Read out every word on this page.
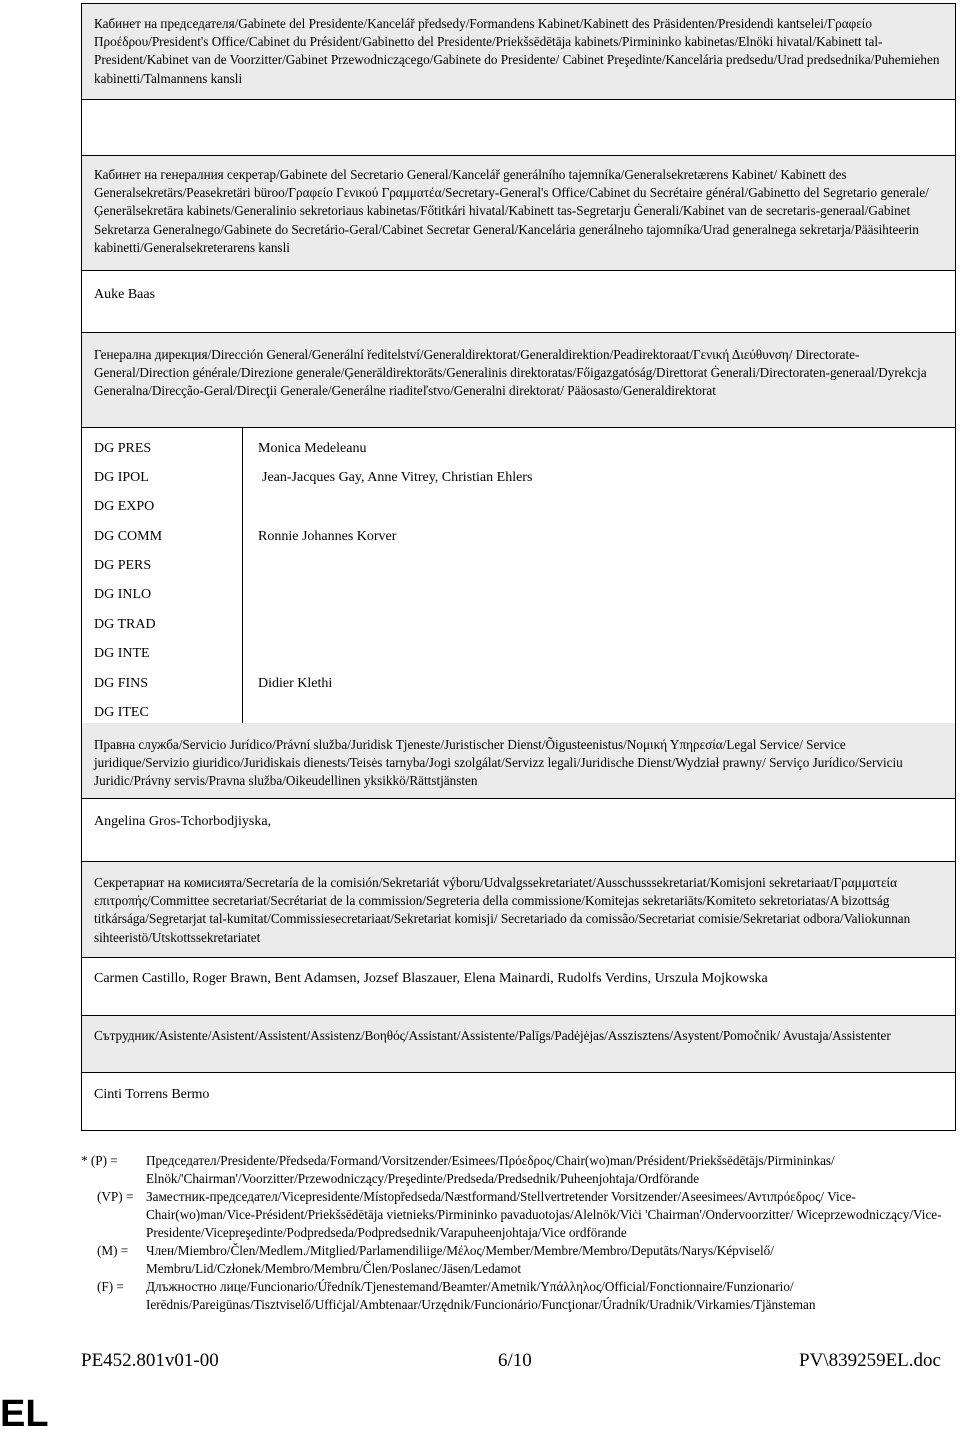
Кабинет на председателя/Gabinete del Presidente/Kancelář předsedy/Formandens Kabinet/Kabinett des Präsidenten/Presidendi kantselei/Γραφείο Προέδρου/President's Office/Cabinet du Président/Gabinetto del Presidente/Priekšsēdētāja kabinets/Pirmininko kabinetas/Elnöki hivatal/Kabinett tal-President/Kabinet van de Voorzitter/Gabinet Przewodniczącego/Gabinete do Presidente/ Cabinet Preşedinte/Kancelária predsedu/Urad predsednika/Puhemiehen kabinetti/Talmannens kansli
Кабинет на генералния секретар/Gabinete del Secretario General/Kancelář generálního tajemníka/Generalsekretærens Kabinet/ Kabinett des Generalsekretärs/Peasekretäri büroo/Γραφείο Γενικού Γραμματέα/Secretary-General's Office/Cabinet du Secrétaire général/Gabinetto del Segretario generale/Ģenerālsekretāra kabinets/Generalinio sekretoriaus kabinetas/Főtitkári hivatal/Kabinett tas-Segretarju Ġenerali/Kabinet van de secretaris-generaal/Gabinet Sekretarza Generalnego/Gabinete do Secretário-Geral/Cabinet Secretar General/Kancelária generálneho tajomníka/Urad generalnega sekretarja/Pääsihteerin kabinetti/Generalsekreterarens kansli
Auke Baas
Генерална дирекция/Dirección General/Generální ředitelství/Generaldirektorat/Generaldirektion/Peadirektoraat/Γενική Διεύθυνση/ Directorate-General/Direction générale/Direzione generale/Ģenerāldirektorāts/Generalinis direktoratas/Főigazgatóság/Direttorat Ġenerali/Directoraten-generaal/Dyrekcja Generalna/Direcção-Geral/Direcţii Generale/Generálne riaditeľstvo/Generalni direktorat/ Pääosasto/Generaldirektorat
DG PRES	Monica Medeleanu
DG IPOL	Jean-Jacques Gay, Anne Vitrey, Christian Ehlers
DG EXPO
DG COMM	Ronnie Johannes Korver
DG PERS
DG INLO
DG TRAD
DG INTE
DG FINS	Didier Klethi
DG ITEC
Правна служба/Servicio Jurídico/Právní služba/Juridisk Tjeneste/Juristischer Dienst/Õigusteenistus/Νομική Υπηρεσία/Legal Service/ Service juridique/Servizio giuridico/Juridiskais dienests/Teisės tarnyba/Jogi szolgálat/Servizz legali/Juridische Dienst/Wydział prawny/ Serviço Jurídico/Serviciu Juridic/Právny servis/Pravna služba/Oikeudellinen yksikkö/Rättstjänsten
Angelina Gros-Tchorbodjiyska,
Секретариат на комисията/Secretaría de la comisión/Sekretariát výboru/Udvalgssekretariatet/Ausschusssekretariat/Komisjoni sekretariaat/Γραμματεία επιτροπής/Committee secretariat/Secrétariat de la commission/Segreteria della commissione/Komitejas sekretariāts/Komiteto sekretoriatas/A bizottság titkársága/Segretarjat tal-kumitat/Commissiesecretariaat/Sekretariat komisji/ Secretariado da comissão/Secretariat comisie/Sekretariat odbora/Valiokunnan sihteeristö/Utskottssekretariatet
Carmen Castillo, Roger Brawn, Bent Adamsen, Jozsef Blaszauer, Elena Mainardi, Rudolfs Verdins, Urszula Mojkowska
Сътрудник/Asistente/Asistent/Assistent/Assistenz/Βοηθός/Assistant/Assistente/Palīgs/Padėjėjas/Asszisztens/Asystent/Pomočnik/ Avustaja/Assistenter
Cinti Torrens Bermo
* (P) =	Председател/Presidente/Předseda/Formand/Vorsitzender/Esimees/Πρόεδρος/Chair(wo)man/Président/Priekšsēdētājs/Pirmininkas/ Elnök/'Chairman'/Voorzitter/Przewodniczący/Preşedinte/Predseda/Predsednik/Puheenjohtaja/Ordförande
(VP) = Заместник-председател/Vicepresidente/Místopředseda/Næstformand/Stellvertretender Vorsitzender/Aseesimees/Αντιπρόεδρος/ Vice-Chair(wo)man/Vice-Président/Priekšsēdētāja vietnieks/Pirmininko pavaduotojas/Alelnök/Viċi 'Chairman'/Ondervoorzitter/ Wiceprzewodniczący/Vice-Presidente/Vicepreşedinte/Podpredseda/Podpredsednik/Varapuheenjohtaja/Vice ordförande
(M) =	Член/Miembro/Člen/Medlem./Mitglied/Parlamendiliige/Μέλος/Member/Membre/Membro/Deputāts/Narys/Képviselő/ Membru/Lid/Członek/Membro/Membru/Člen/Poslanec/Jäsen/Ledamot
(F) =	Длъжностно лице/Funcionario/Úředník/Tjenestemand/Beamter/Ametnik/Υπάλληλος/Official/Fonctionnaire/Funzionario/ Ierēdnis/Pareigūnas/Tisztviselő/Uffiċjal/Ambtenaar/Urzędnik/Funcionário/Funcţionar/Úradník/Uradnik/Virkamies/Tjänsteman
PE452.801v01-00	6/10	PV\839259EL.doc
EL
